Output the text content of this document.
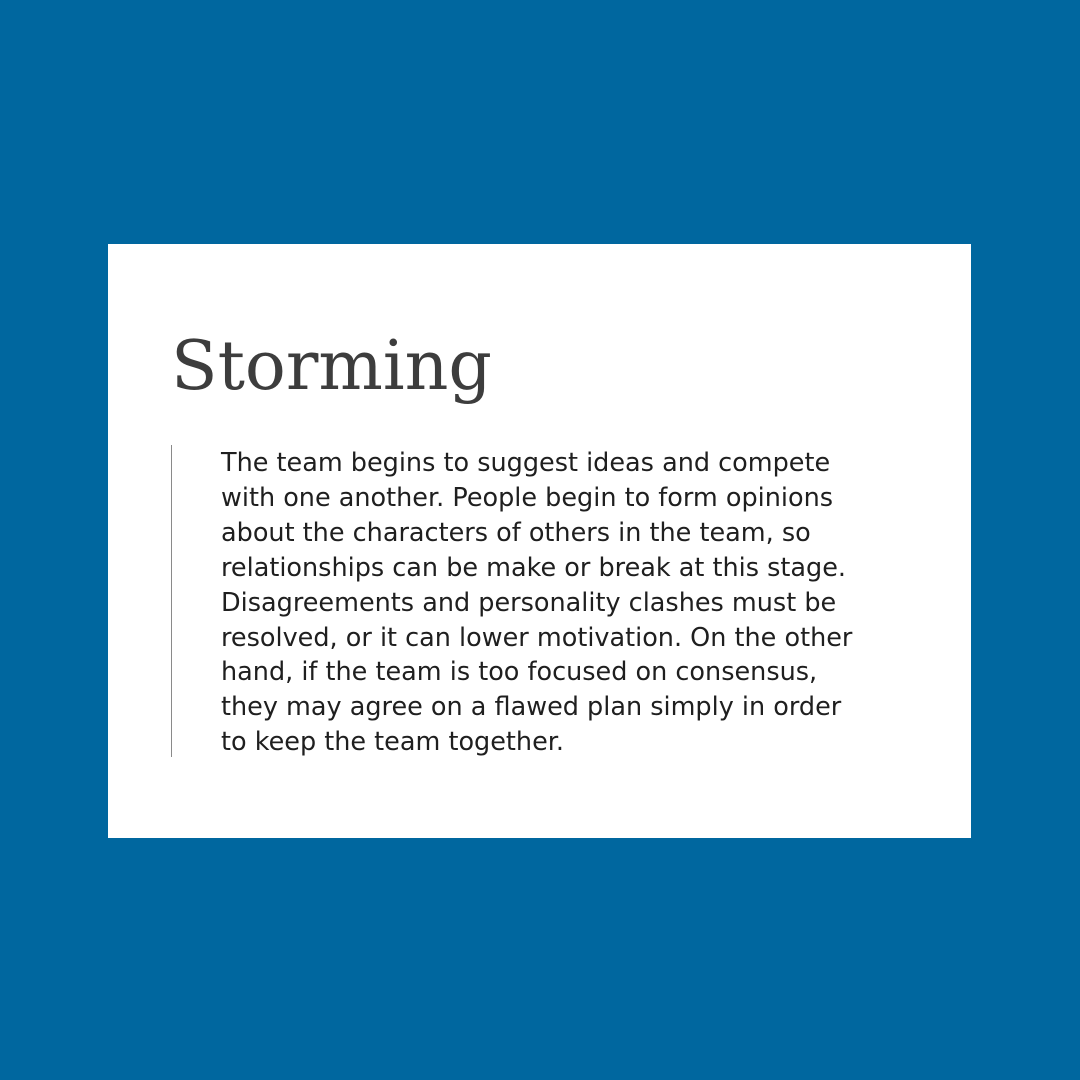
Storming

The team begins to suggest ideas and compete
with one another. People begin to form opinions
about the characters of others in the team, so
relationships can be make or break at this stage.
Disagreements and personality clashes must be
resolved, or it can lower motivation. On the other
hand, if the team is too focused on consensus,
they may agree on a flawed plan simply in order
to keep the team together.
